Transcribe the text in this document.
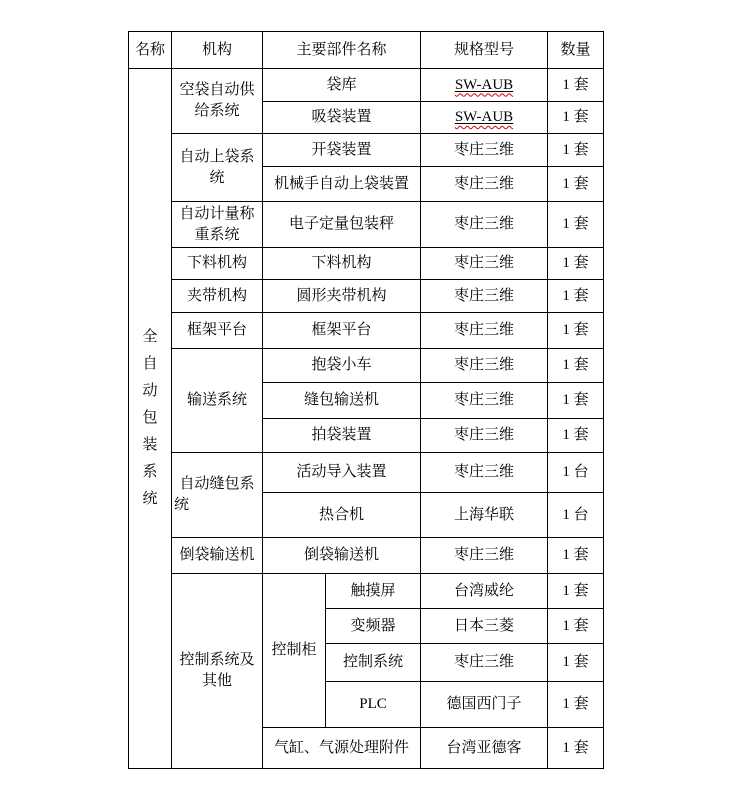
名称	机构	主要部件名称		规格型号	数量

全自动包装系统	空袋自动供给系统	袋库		SW-AUB	1 套
		吸袋装置		SW-AUB	1 套
	自动上袋系统	开袋装置		枣庄三维	1 套
		机械手自动上袋装置		枣庄三维	1 套
	自动计量称重系统	电子定量包装秤		枣庄三维	1 套
	下料机构	下料机构		枣庄三维	1 套
	夹带机构	圆形夹带机构		枣庄三维	1 套
	框架平台	框架平台		枣庄三维	1 套
	输送系统	抱袋小车		枣庄三维	1 套
		缝包输送机		枣庄三维	1 套
		拍袋装置		枣庄三维	1 套
	自动缝包系统	活动导入装置		枣庄三维	1 台
		热合机		上海华联	1 台
	倒袋输送机	倒袋输送机		枣庄三维	1 套
	控制系统及其他	控制柜	触摸屏	台湾威纶	1 套
			变频器	日本三菱	1 套
			控制系统	枣庄三维	1 套
			PLC	德国西门子	1 套
		气缸、气源处理附件		台湾亚德客	1 套
